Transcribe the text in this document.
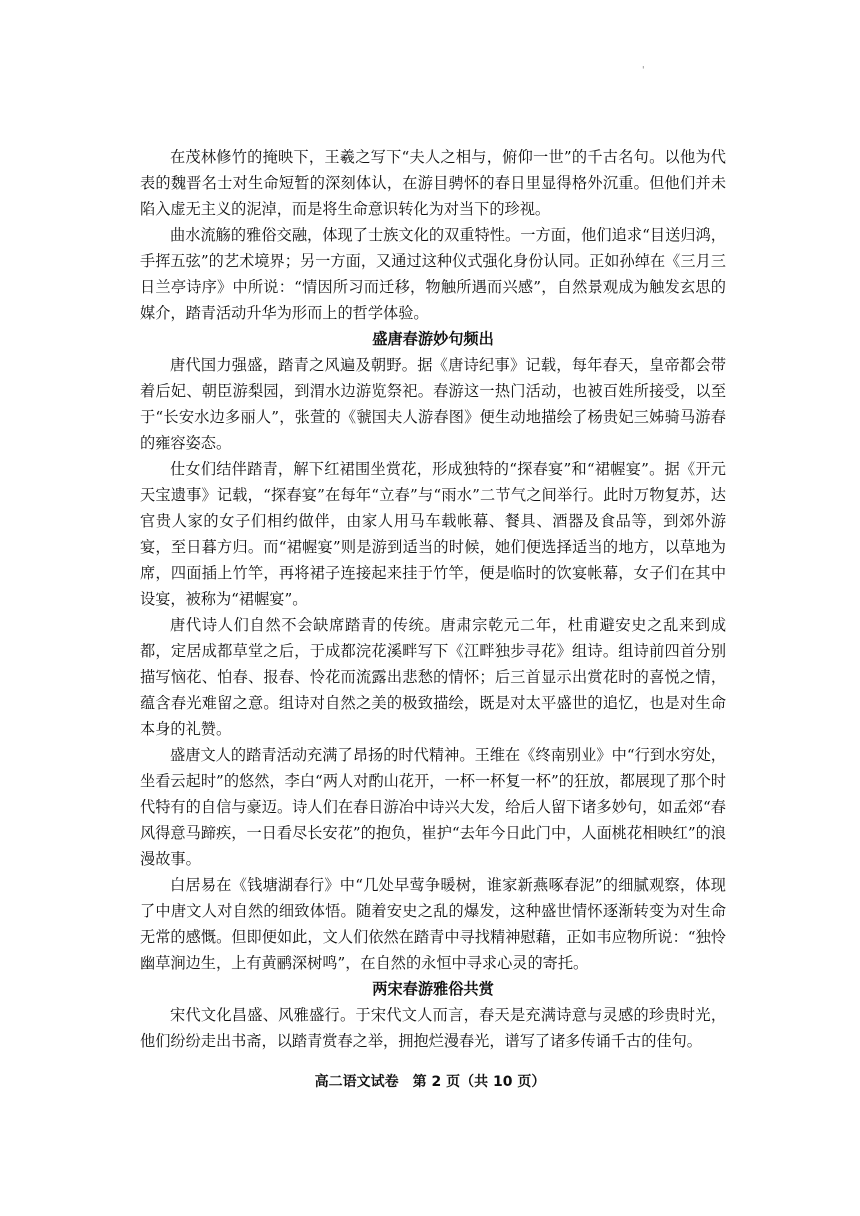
'

在茂林修竹的掩映下，王羲之写下“夫人之相与，俯仰一世”的千古名句。以他为代表的魏晋名士对生命短暂的深刻体认，在游目骋怀的春日里显得格外沉重。但他们并未陷入虚无主义的泥淖，而是将生命意识转化为对当下的珍视。

曲水流觞的雅俗交融，体现了士族文化的双重特性。一方面，他们追求“目送归鸿，手挥五弦”的艺术境界；另一方面，又通过这种仪式强化身份认同。正如孙绰在《三月三日兰亭诗序》中所说：“情因所习而迁移，物触所遇而兴感”，自然景观成为触发玄思的媒介，踏青活动升华为形而上的哲学体验。

盛唐春游妙句频出

唐代国力强盛，踏青之风遍及朝野。据《唐诗纪事》记载，每年春天，皇帝都会带着后妃、朝臣游梨园，到渭水边游览祭祀。春游这一热门活动，也被百姓所接受，以至于“长安水边多丽人”，张萱的《虢国夫人游春图》便生动地描绘了杨贵妃三姊骑马游春的雍容姿态。

仕女们结伴踏青，解下红裙围坐赏花，形成独特的“探春宴”和“裙幄宴”。据《开元天宝遗事》记载，“探春宴”在每年“立春”与“雨水”二节气之间举行。此时万物复苏，达官贵人家的女子们相约做伴，由家人用马车载帐幕、餐具、酒器及食品等，到郊外游宴，至日暮方归。而“裙幄宴”则是游到适当的时候，她们便选择适当的地方，以草地为席，四面插上竹竿，再将裙子连接起来挂于竹竿，便是临时的饮宴帐幕，女子们在其中设宴，被称为“裙幄宴”。

唐代诗人们自然不会缺席踏青的传统。唐肃宗乾元二年，杜甫避安史之乱来到成都，定居成都草堂之后，于成都浣花溪畔写下《江畔独步寻花》组诗。组诗前四首分别描写恼花、怕春、报春、怜花而流露出悲愁的情怀；后三首显示出赏花时的喜悦之情，蕴含春光难留之意。组诗对自然之美的极致描绘，既是对太平盛世的追忆，也是对生命本身的礼赞。

盛唐文人的踏青活动充满了昂扬的时代精神。王维在《终南别业》中“行到水穷处，坐看云起时”的悠然，李白“两人对酌山花开，一杯一杯复一杯”的狂放，都展现了那个时代特有的自信与豪迈。诗人们在春日游冶中诗兴大发，给后人留下诸多妙句，如孟郊“春风得意马蹄疾，一日看尽长安花”的抱负，崔护“去年今日此门中，人面桃花相映红”的浪漫故事。

白居易在《钱塘湖春行》中“几处早莺争暖树，谁家新燕啄春泥”的细腻观察，体现了中唐文人对自然的细致体悟。随着安史之乱的爆发，这种盛世情怀逐渐转变为对生命无常的感慨。但即便如此，文人们依然在踏青中寻找精神慰藉，正如韦应物所说：“独怜幽草涧边生，上有黄鹂深树鸣”，在自然的永恒中寻求心灵的寄托。

两宋春游雅俗共赏

宋代文化昌盛、风雅盛行。于宋代文人而言，春天是充满诗意与灵感的珍贵时光，他们纷纷走出书斋，以踏青赏春之举，拥抱烂漫春光，谱写了诸多传诵千古的佳句。

高二语文试卷　第 2 页（共 10 页）
